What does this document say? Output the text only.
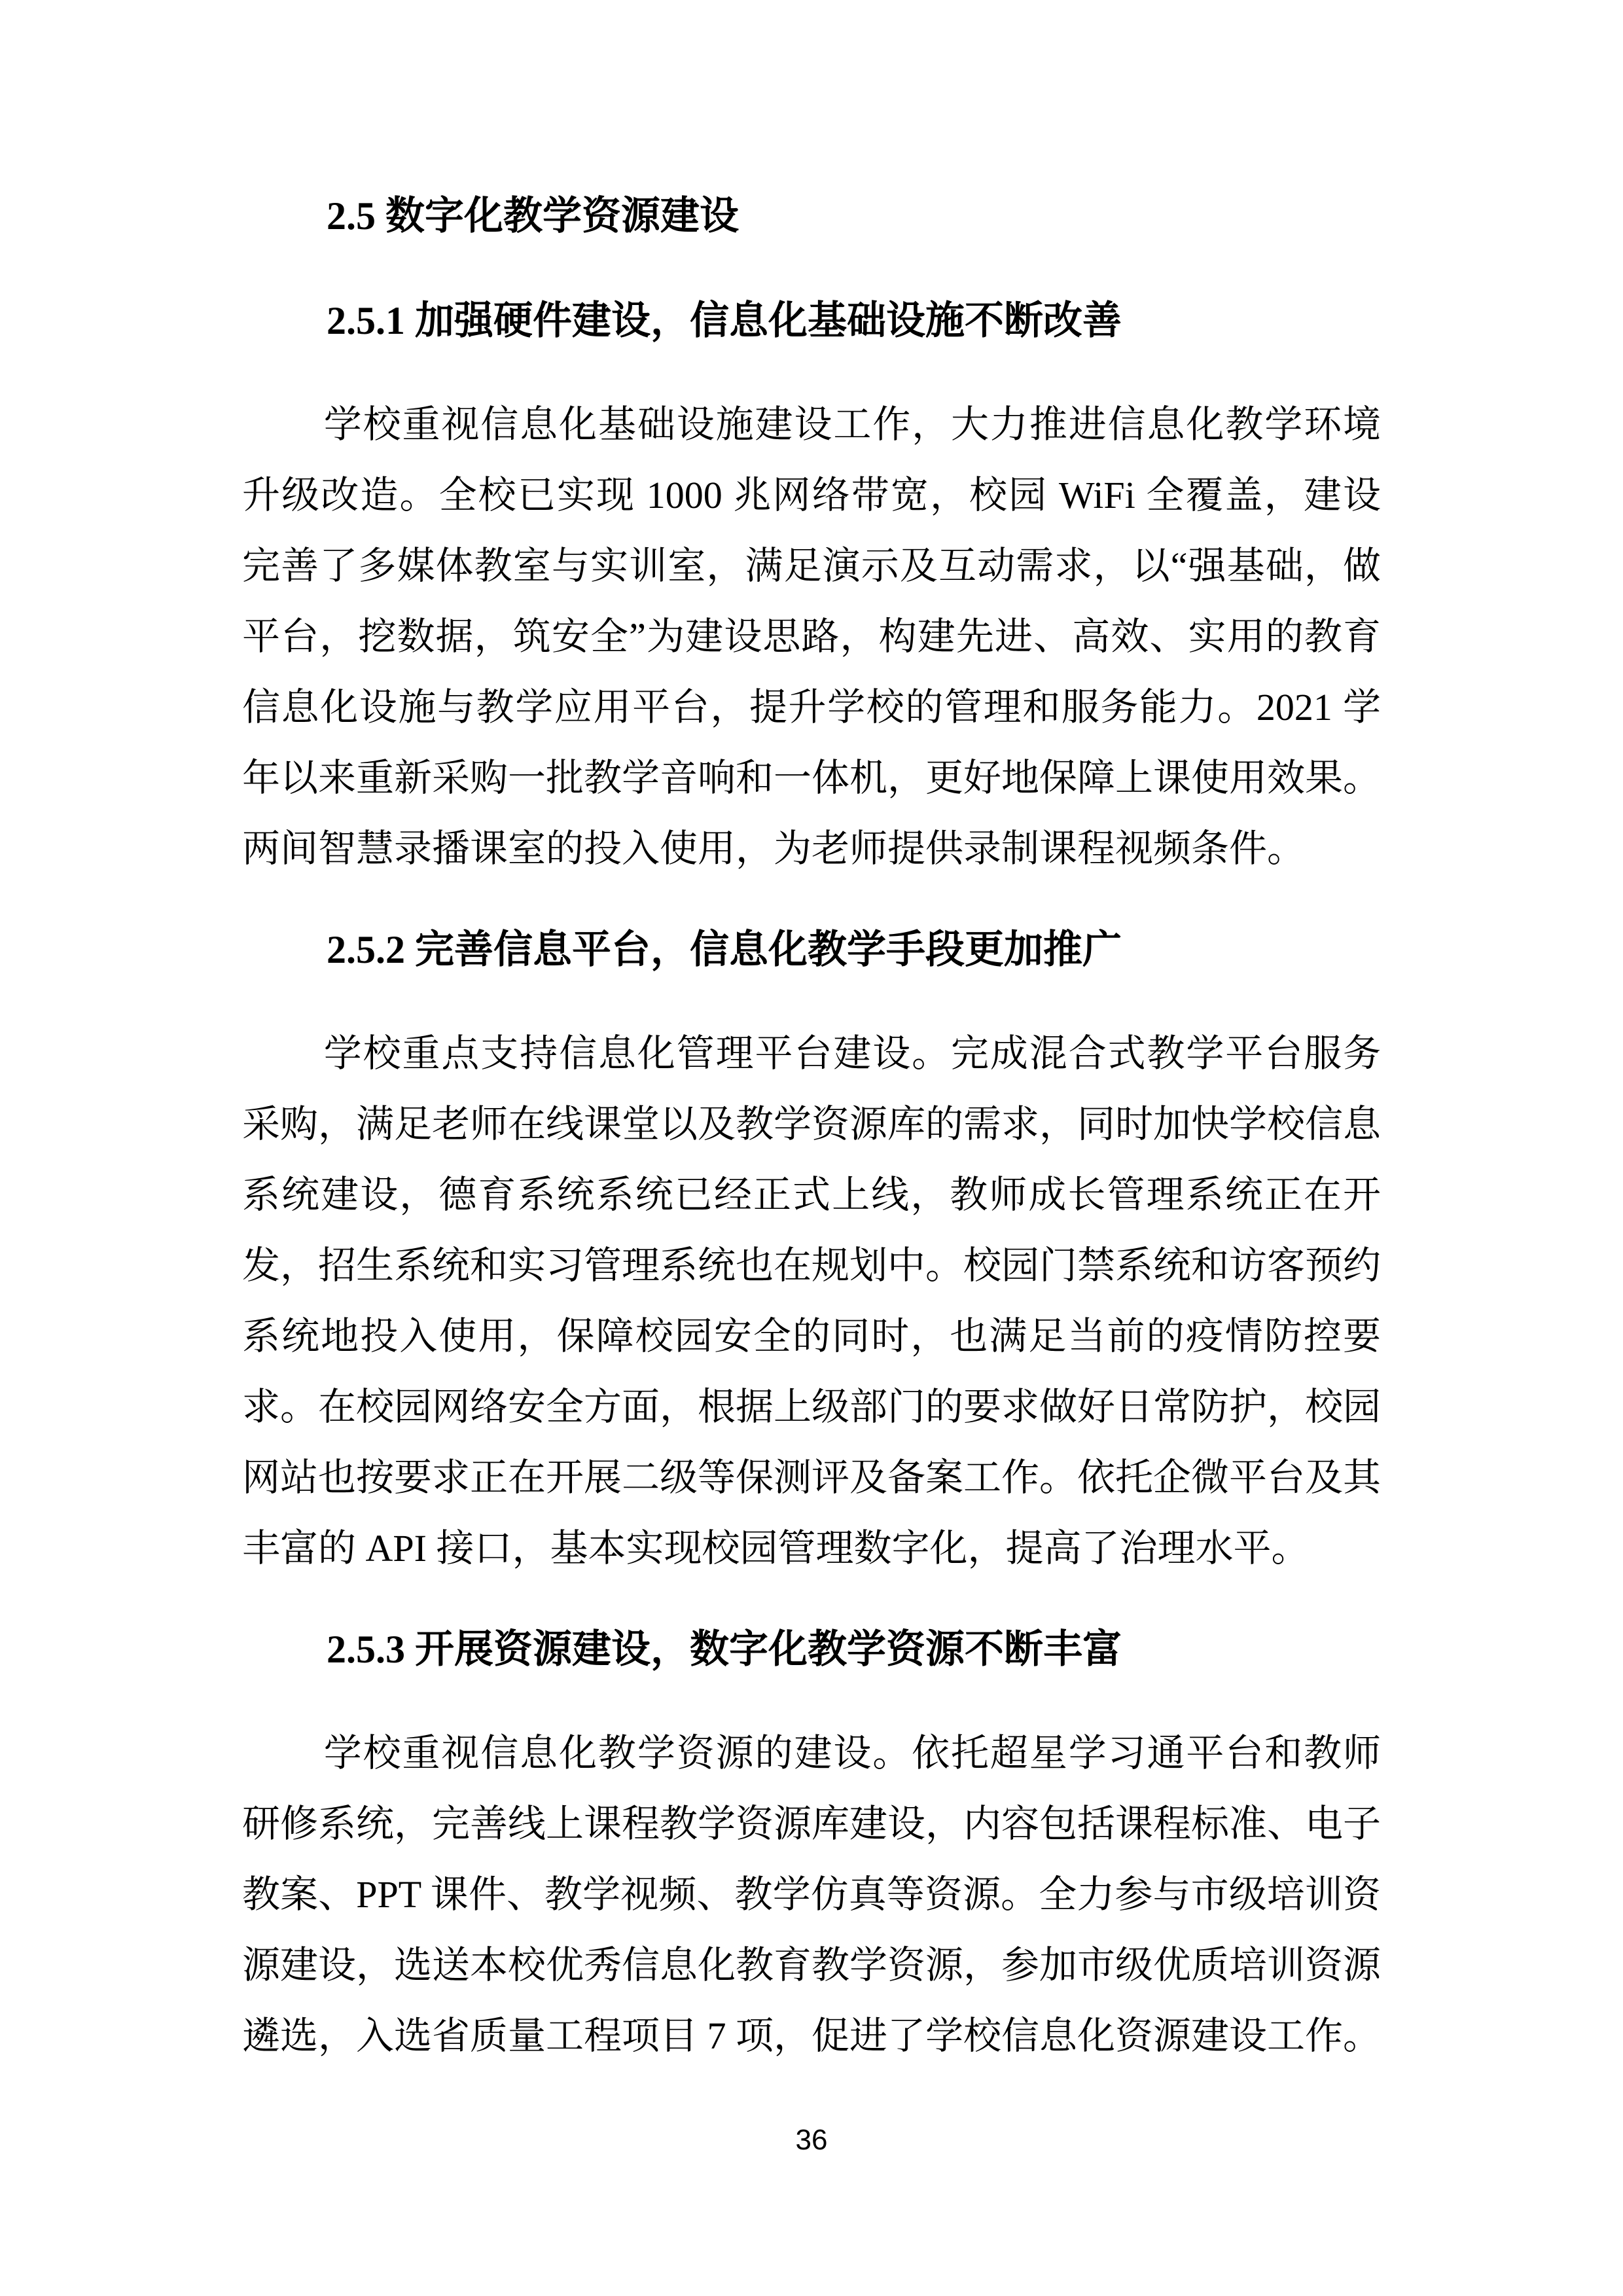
2.5 数字化教学资源建设
2.5.1 加强硬件建设，信息化基础设施不断改善

学校重视信息化基础设施建设工作，大力推进信息化教学环境升级改造。全校已实现 1000 兆网络带宽，校园 WiFi 全覆盖，建设完善了多媒体教室与实训室，满足演示及互动需求，以“强基础，做平台，挖数据，筑安全”为建设思路，构建先进、高效、实用的教育信息化设施与教学应用平台，提升学校的管理和服务能力。2021 学年以来重新采购一批教学音响和一体机，更好地保障上课使用效果。两间智慧录播课室的投入使用，为老师提供录制课程视频条件。

2.5.2 完善信息平台，信息化教学手段更加推广

学校重点支持信息化管理平台建设。完成混合式教学平台服务采购，满足老师在线课堂以及教学资源库的需求，同时加快学校信息系统建设，德育系统系统已经正式上线，教师成长管理系统正在开发，招生系统和实习管理系统也在规划中。校园门禁系统和访客预约系统地投入使用，保障校园安全的同时，也满足当前的疫情防控要求。在校园网络安全方面，根据上级部门的要求做好日常防护，校园网站也按要求正在开展二级等保测评及备案工作。依托企微平台及其丰富的 API 接口，基本实现校园管理数字化，提高了治理水平。

2.5.3 开展资源建设，数字化教学资源不断丰富

学校重视信息化教学资源的建设。依托超星学习通平台和教师研修系统，完善线上课程教学资源库建设，内容包括课程标准、电子教案、PPT 课件、教学视频、教学仿真等资源。全力参与市级培训资源建设，选送本校优秀信息化教育教学资源，参加市级优质培训资源遴选，入选省质量工程项目 7 项，促进了学校信息化资源建设工作。

36
